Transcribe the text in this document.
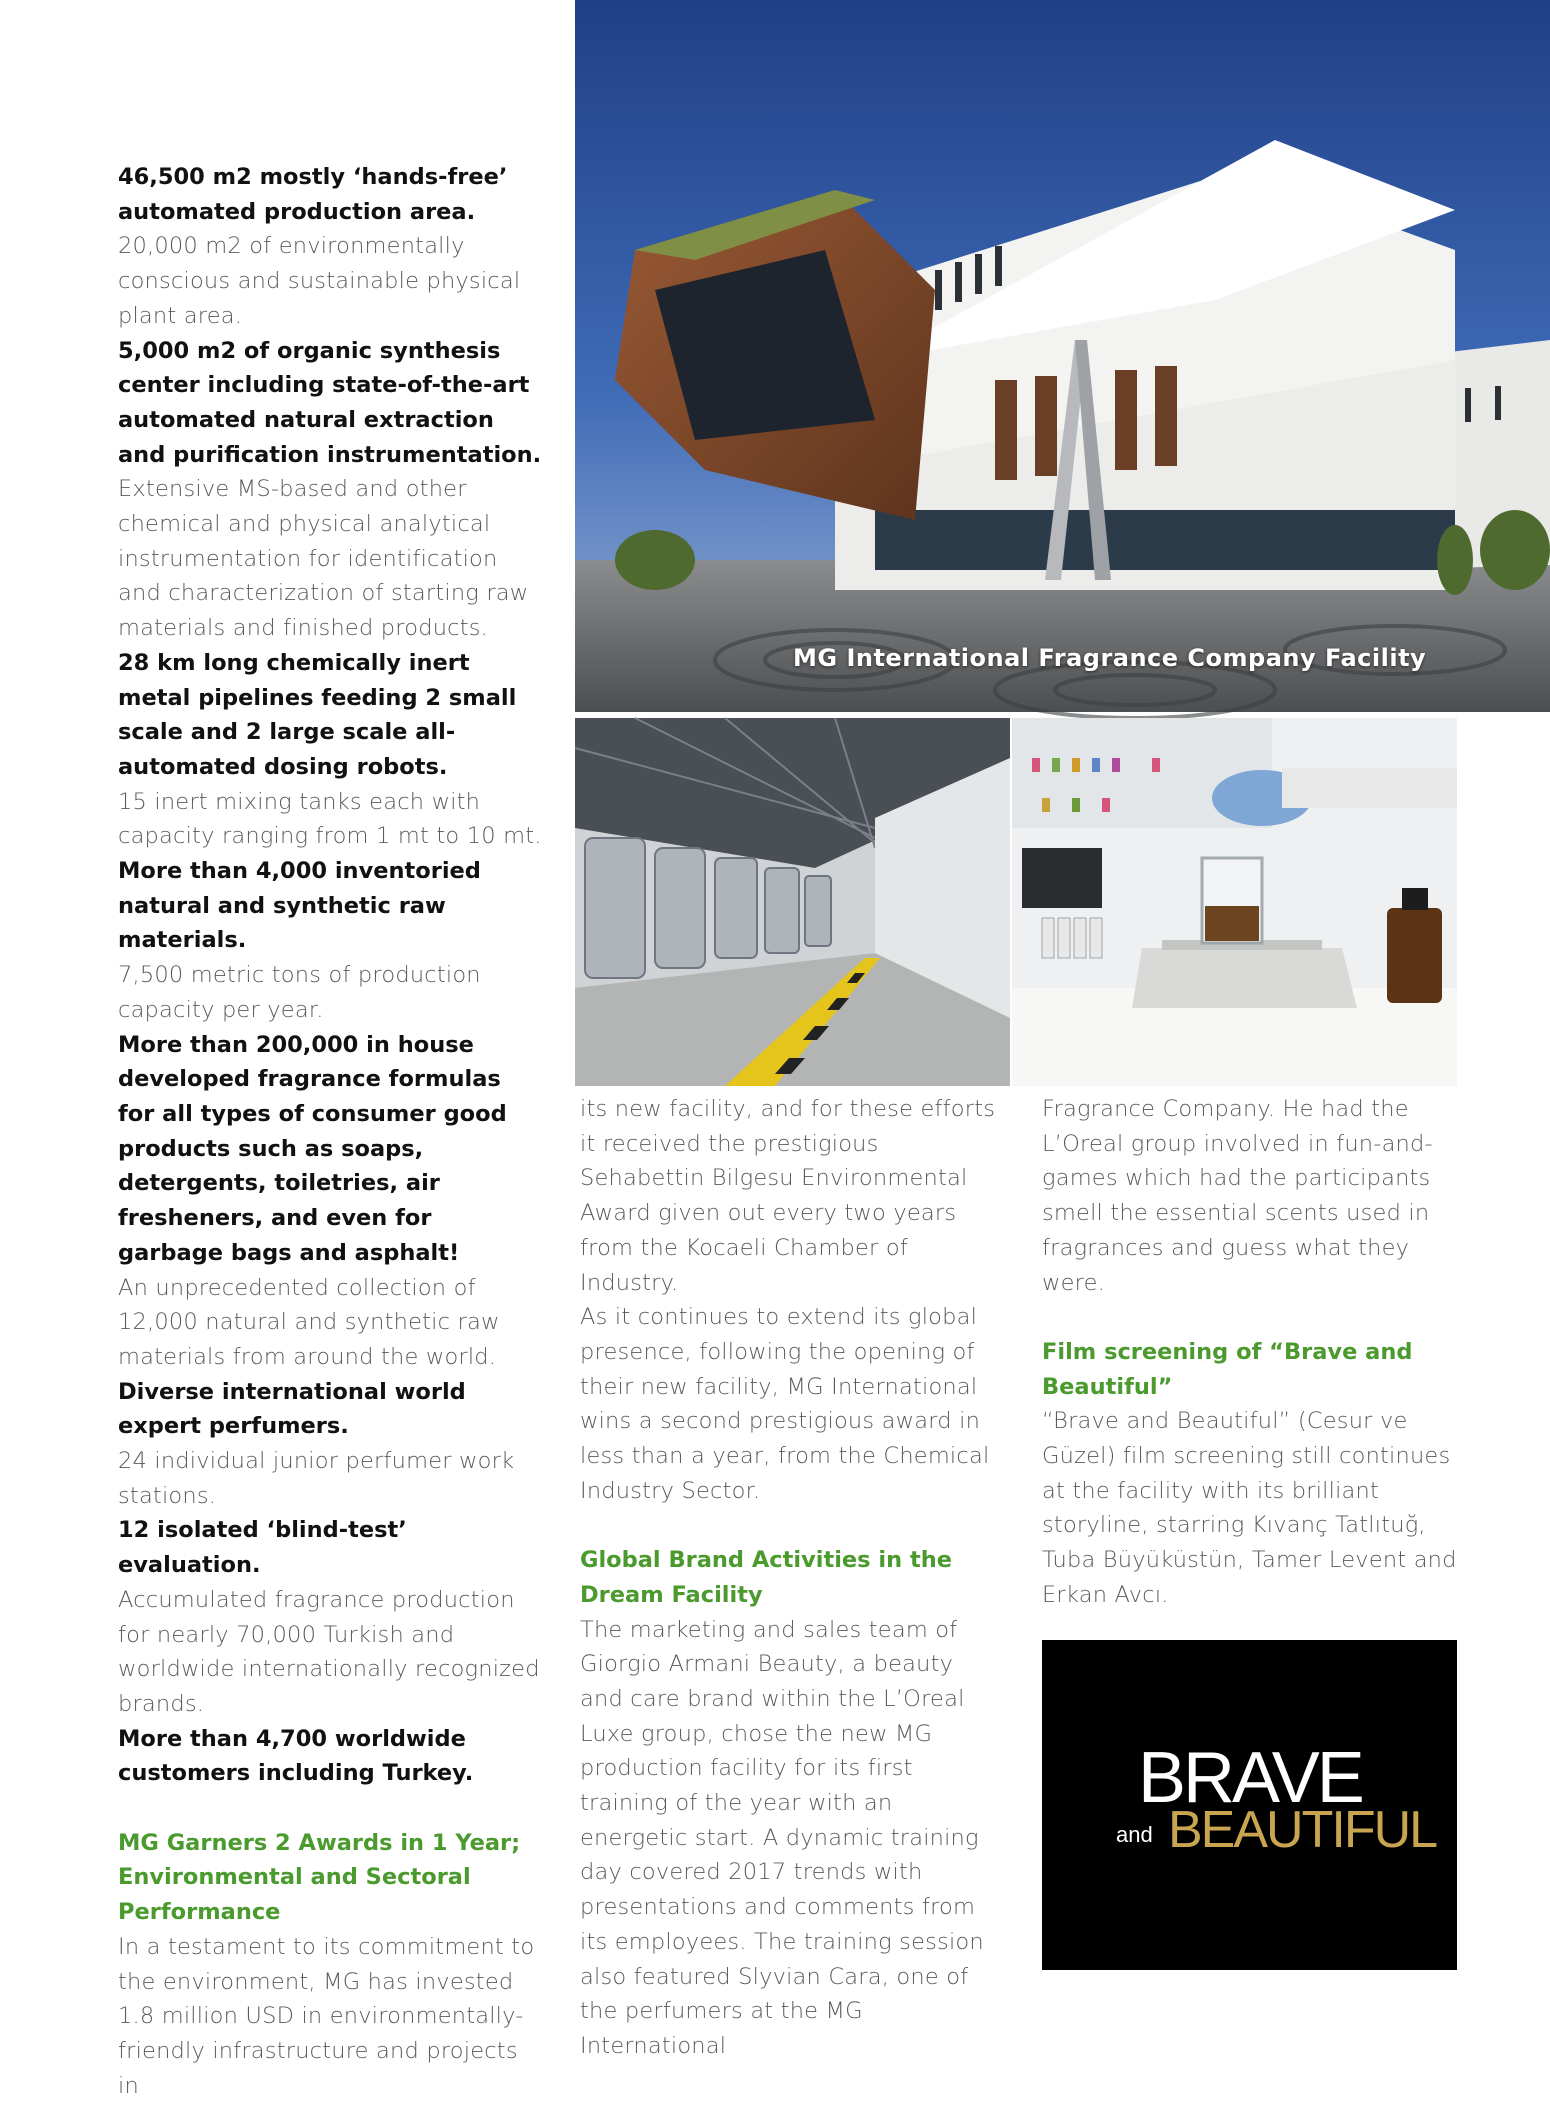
MG International Fragrance Company Facility

46,500 m2 mostly ‘hands-free’ automated production area.

20,000 m2 of environmentally conscious and sustainable physical plant area.

5,000 m2 of organic synthesis center including state-of-the-art automated natural extraction and purification instrumentation.

Extensive MS-based and other chemical and physical analytical instrumentation for identification and characterization of starting raw materials and finished products.

28 km long chemically inert metal pipelines feeding 2 small scale and 2 large scale all-automated dosing robots.

15 inert mixing tanks each with capacity ranging from 1 mt to 10 mt.

More than 4,000 inventoried natural and synthetic raw materials.

7,500 metric tons of production capacity per year.

More than 200,000 in house developed fragrance formulas for all types of consumer good products such as soaps, detergents, toiletries, air fresheners, and even for garbage bags and asphalt!

An unprecedented collection of 12,000 natural and synthetic raw materials from around the world.

Diverse international world expert perfumers.

24 individual junior perfumer work stations.

12 isolated ‘blind-test’ evaluation.

Accumulated fragrance production for nearly 70,000 Turkish and worldwide internationally recognized brands.

More than 4,700 worldwide customers including Turkey.

MG Garners 2 Awards in 1 Year; Environmental and Sectoral Performance

In a testament to its commitment to the environment, MG has invested 1.8 million USD in environmentally-friendly infrastructure and projects in

its new facility, and for these efforts it received the prestigious Sehabettin Bilgesu Environmental Award given out every two years from the Kocaeli Chamber of Industry.

As it continues to extend its global presence, following the opening of their new facility, MG International wins a second prestigious award in less than a year, from the Chemical Industry Sector.

Global Brand Activities in the Dream Facility

The marketing and sales team of Giorgio Armani Beauty, a beauty and care brand within the L’Oreal Luxe group, chose the new MG production facility for its first training of the year with an energetic start. A dynamic training day covered 2017 trends with presentations and comments from its employees. The training session also featured Slyvian Cara, one of the perfumers at the MG International

Fragrance Company. He had the L’Oreal group involved in fun-and-games which had the participants smell the essential scents used in fragrances and guess what they were.

Film screening of “Brave and Beautiful”

“Brave and Beautiful” (Cesur ve Güzel) film screening still continues at the facility with its brilliant storyline, starring Kıvanç Tatlıtuğ, Tuba Büyüküstün, Tamer Levent and Erkan Avcı.

BRAVE
and BEAUTIFUL
